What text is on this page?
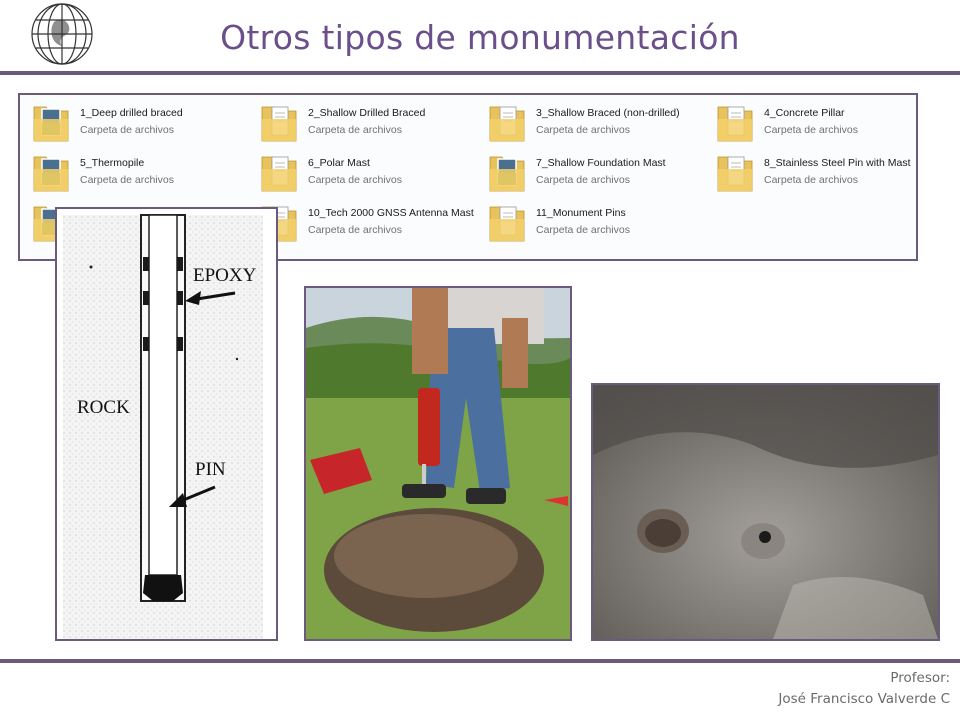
Otros tipos de monumentación
1_Deep drilled braced
Carpeta de archivos
2_Shallow Drilled Braced
Carpeta de archivos
3_Shallow Braced (non-drilled)
Carpeta de archivos
4_Concrete Pillar
Carpeta de archivos
5_Thermopile
Carpeta de archivos
6_Polar Mast
Carpeta de archivos
7_Shallow Foundation Mast
Carpeta de archivos
8_Stainless Steel Pin with Mast
Carpeta de archivos
10_Tech 2000 GNSS Antenna Mast
Carpeta de archivos
11_Monument Pins
Carpeta de archivos
EPOXY
ROCK
PIN
Profesor:
José Francisco Valverde C
